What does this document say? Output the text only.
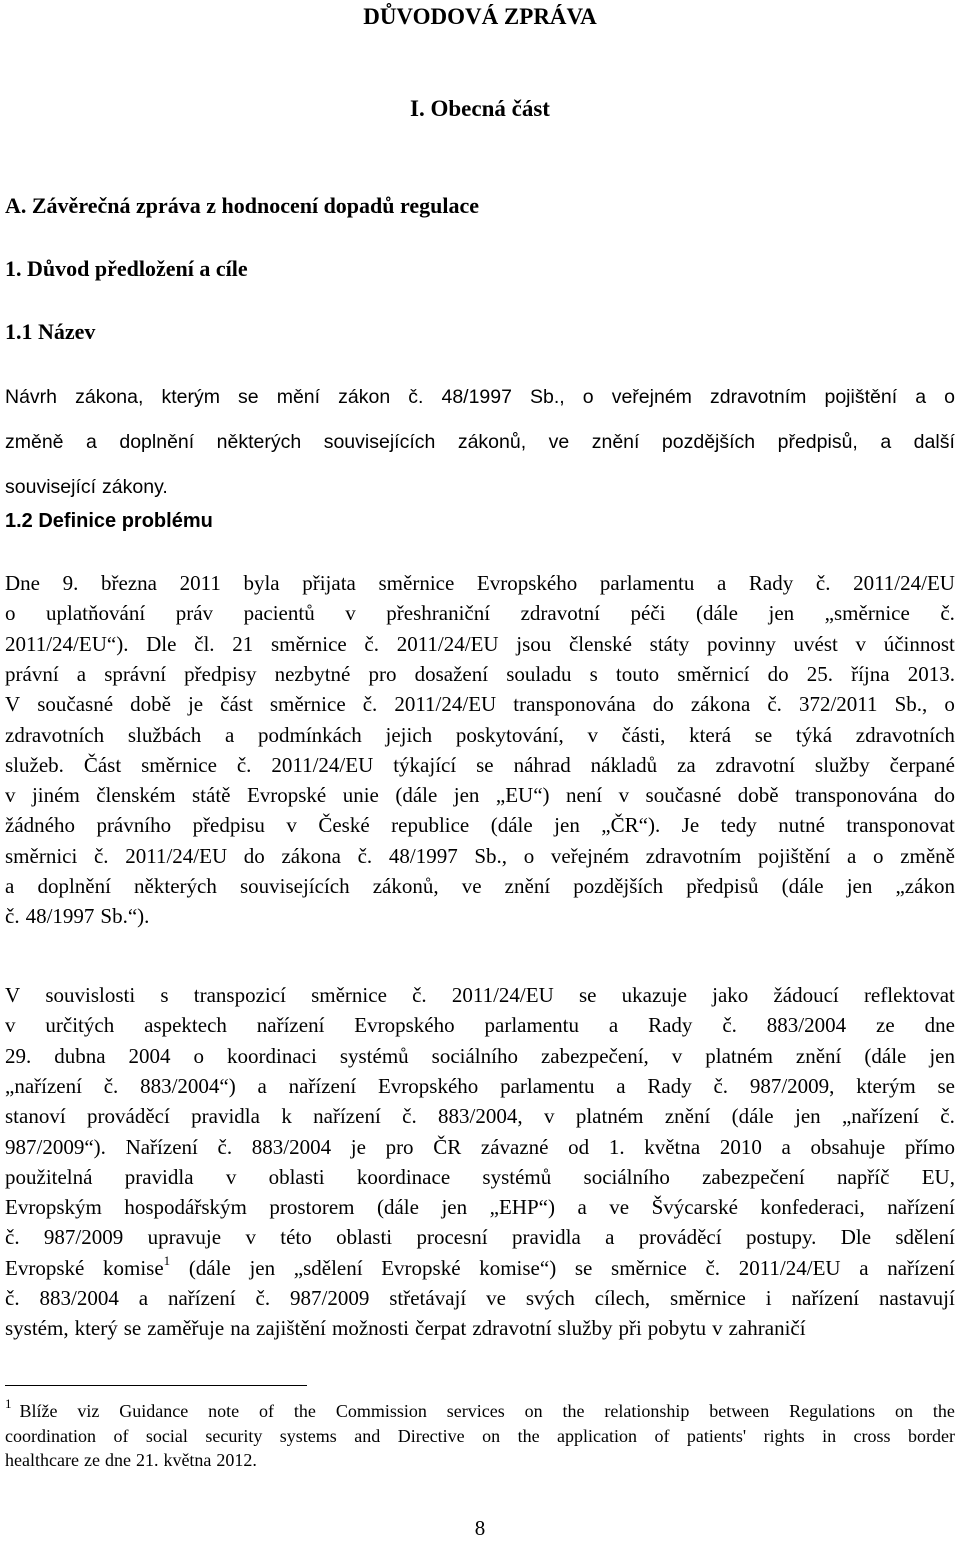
DŮVODOVÁ ZPRÁVA
I. Obecná část
A. Závěrečná zpráva z hodnocení dopadů regulace
1. Důvod předložení a cíle
1.1 Název
Návrh zákona, kterým se mění zákon č. 48/1997 Sb., o veřejném zdravotním pojištění a o
změně a doplnění některých souvisejících zákonů, ve znění pozdějších předpisů, a další
související zákony.
1.2 Definice problému
Dne 9. března 2011 byla přijata směrnice Evropského parlamentu a Rady č. 2011/24/EU
o uplatňování práv pacientů v přeshraniční zdravotní péči (dále jen „směrnice č.
2011/24/EU“). Dle čl. 21 směrnice č. 2011/24/EU jsou členské státy povinny uvést v účinnost
právní a správní předpisy nezbytné pro dosažení souladu s touto směrnicí do 25. října 2013.
V současné době je část směrnice č. 2011/24/EU transponována do zákona č. 372/2011 Sb., o
zdravotních službách a podmínkách jejich poskytování, v části, která se týká zdravotních
služeb. Část směrnice č. 2011/24/EU týkající se náhrad nákladů za zdravotní služby čerpané
v jiném členském státě Evropské unie (dále jen „EU“) není v současné době transponována do
žádného právního předpisu v České republice (dále jen „ČR“). Je tedy nutné transponovat
směrnici č. 2011/24/EU do zákona č. 48/1997 Sb., o veřejném zdravotním pojištění a o změně
a doplnění některých souvisejících zákonů, ve znění pozdějších předpisů (dále jen „zákon
č. 48/1997 Sb.“).
V souvislosti s transpozicí směrnice č. 2011/24/EU se ukazuje jako žádoucí reflektovat
v určitých aspektech nařízení Evropského parlamentu a Rady č. 883/2004 ze dne
29. dubna 2004 o koordinaci systémů sociálního zabezpečení, v platném znění (dále jen
„nařízení č. 883/2004“) a nařízení Evropského parlamentu a Rady č. 987/2009, kterým se
stanoví prováděcí pravidla k nařízení č. 883/2004, v platném znění (dále jen „nařízení č.
987/2009“). Nařízení č. 883/2004 je pro ČR závazné od 1. května 2010 a obsahuje přímo
použitelná pravidla v oblasti koordinace systémů sociálního zabezpečení napříč EU,
Evropským hospodářským prostorem (dále jen „EHP“) a ve Švýcarské konfederaci, nařízení
č. 987/2009 upravuje v této oblasti procesní pravidla a prováděcí postupy. Dle sdělení
Evropské komise$^1$ (dále jen „sdělení Evropské komise“) se směrnice č. 2011/24/EU a nařízení
č. 883/2004 a nařízení č. 987/2009 střetávají ve svých cílech, směrnice i nařízení nastavují
systém, který se zaměřuje na zajištění možnosti čerpat zdravotní služby při pobytu v zahraničí
$^1$ Blíže viz Guidance note of the Commission services on the relationship between Regulations on the
coordination of social security systems and Directive on the application of patients' rights in cross border
healthcare ze dne 21. května 2012.
8
